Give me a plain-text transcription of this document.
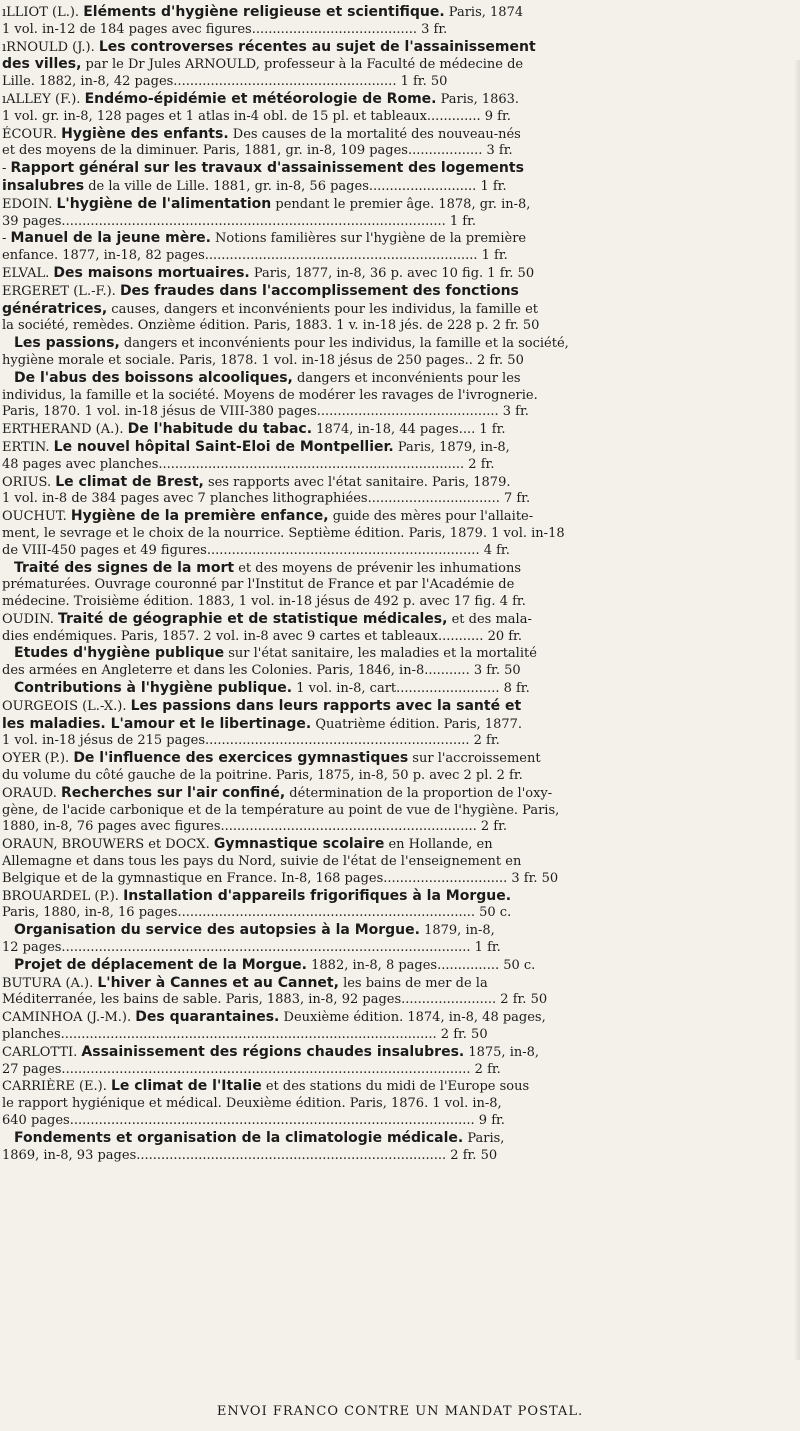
ıLLIOT (L.). Eléments d'hygiène religieuse et scientifique. Paris, 1874
1 vol. in-12 de 184 pages avec figures........................................ 3 fr.
ıRNOULD (J.). Les controverses récentes au sujet de l'assainissement
des villes, par le Dr Jules ARNOULD, professeur à la Faculté de médecine de
Lille. 1882, in-8, 42 pages...................................................... 1 fr. 50
ıALLEY (F.). Endémo-épidémie et météorologie de Rome. Paris, 1863.
1 vol. gr. in-8, 128 pages et 1 atlas in-4 obl. de 15 pl. et tableaux............. 9 fr.
ÉCOUR. Hygiène des enfants. Des causes de la mortalité des nouveau-nés
et des moyens de la diminuer. Paris, 1881, gr. in-8, 109 pages.................. 3 fr.
- Rapport général sur les travaux d'assainissement des logements
insalubres de la ville de Lille. 1881, gr. in-8, 56 pages.......................... 1 fr.
EDOIN. L'hygiène de l'alimentation pendant le premier âge. 1878, gr. in-8,
39 pages............................................................................................. 1 fr.
- Manuel de la jeune mère. Notions familières sur l'hygiène de la première
enfance. 1877, in-18, 82 pages.................................................................. 1 fr.
ELVAL. Des maisons mortuaires. Paris, 1877, in-8, 36 p. avec 10 fig. 1 fr. 50
ERGERET (L.-F.). Des fraudes dans l'accomplissement des fonctions
génératrices, causes, dangers et inconvénients pour les individus, la famille et
la société, remèdes. Onzième édition. Paris, 1883. 1 v. in-18 jés. de 228 p. 2 fr. 50
Les passions, dangers et inconvénients pour les individus, la famille et la société,
hygiène morale et sociale. Paris, 1878. 1 vol. in-18 jésus de 250 pages.. 2 fr. 50
De l'abus des boissons alcooliques, dangers et inconvénients pour les
individus, la famille et la société. Moyens de modérer les ravages de l'ivrognerie.
Paris, 1870. 1 vol. in-18 jésus de VIII-380 pages............................................ 3 fr.
ERTHERAND (A.). De l'habitude du tabac. 1874, in-18, 44 pages.... 1 fr.
ERTIN. Le nouvel hôpital Saint-Eloi de Montpellier. Paris, 1879, in-8,
48 pages avec planches.......................................................................... 2 fr.
ORIUS. Le climat de Brest, ses rapports avec l'état sanitaire. Paris, 1879.
1 vol. in-8 de 384 pages avec 7 planches lithographiées................................ 7 fr.
OUCHUT. Hygiène de la première enfance, guide des mères pour l'allaite-
ment, le sevrage et le choix de la nourrice. Septième édition. Paris, 1879. 1 vol. in-18
de VIII-450 pages et 49 figures.................................................................. 4 fr.
Traité des signes de la mort et des moyens de prévenir les inhumations
prématurées. Ouvrage couronné par l'Institut de France et par l'Académie de
médecine. Troisième édition. 1883, 1 vol. in-18 jésus de 492 p. avec 17 fig. 4 fr.
OUDIN. Traité de géographie et de statistique médicales, et des mala-
dies endémiques. Paris, 1857. 2 vol. in-8 avec 9 cartes et tableaux........... 20 fr.
Etudes d'hygiène publique sur l'état sanitaire, les maladies et la mortalité
des armées en Angleterre et dans les Colonies. Paris, 1846, in-8........... 3 fr. 50
Contributions à l'hygiène publique. 1 vol. in-8, cart......................... 8 fr.
OURGEOIS (L.-X.). Les passions dans leurs rapports avec la santé et
les maladies. L'amour et le libertinage. Quatrième édition. Paris, 1877.
1 vol. in-18 jésus de 215 pages................................................................ 2 fr.
OYER (P.). De l'influence des exercices gymnastiques sur l'accroissement
du volume du côté gauche de la poitrine. Paris, 1875, in-8, 50 p. avec 2 pl. 2 fr.
ORAUD. Recherches sur l'air confiné, détermination de la proportion de l'oxy-
gène, de l'acide carbonique et de la température au point de vue de l'hygiène. Paris,
1880, in-8, 76 pages avec figures.............................................................. 2 fr.
ORAUN, BROUWERS et DOCX. Gymnastique scolaire en Hollande, en
Allemagne et dans tous les pays du Nord, suivie de l'état de l'enseignement en
Belgique et de la gymnastique en France. In-8, 168 pages.............................. 3 fr. 50
BROUARDEL (P.). Installation d'appareils frigorifiques à la Morgue.
Paris, 1880, in-8, 16 pages........................................................................ 50 c.
Organisation du service des autopsies à la Morgue. 1879, in-8,
12 pages................................................................................................... 1 fr.
Projet de déplacement de la Morgue. 1882, in-8, 8 pages............... 50 c.
BUTURA (A.). L'hiver à Cannes et au Cannet, les bains de mer de la
Méditerranée, les bains de sable. Paris, 1883, in-8, 92 pages....................... 2 fr. 50
CAMINHOA (J.-M.). Des quarantaines. Deuxième édition. 1874, in-8, 48 pages,
planches........................................................................................... 2 fr. 50
CARLOTTI. Assainissement des régions chaudes insalubres. 1875, in-8,
27 pages................................................................................................... 2 fr.
CARRIÈRE (E.). Le climat de l'Italie et des stations du midi de l'Europe sous
le rapport hygiénique et médical. Deuxième édition. Paris, 1876. 1 vol. in-8,
640 pages.................................................................................................. 9 fr.
Fondements et organisation de la climatologie médicale. Paris,
1869, in-8, 93 pages........................................................................... 2 fr. 50
ENVOI FRANCO CONTRE UN MANDAT POSTAL.
